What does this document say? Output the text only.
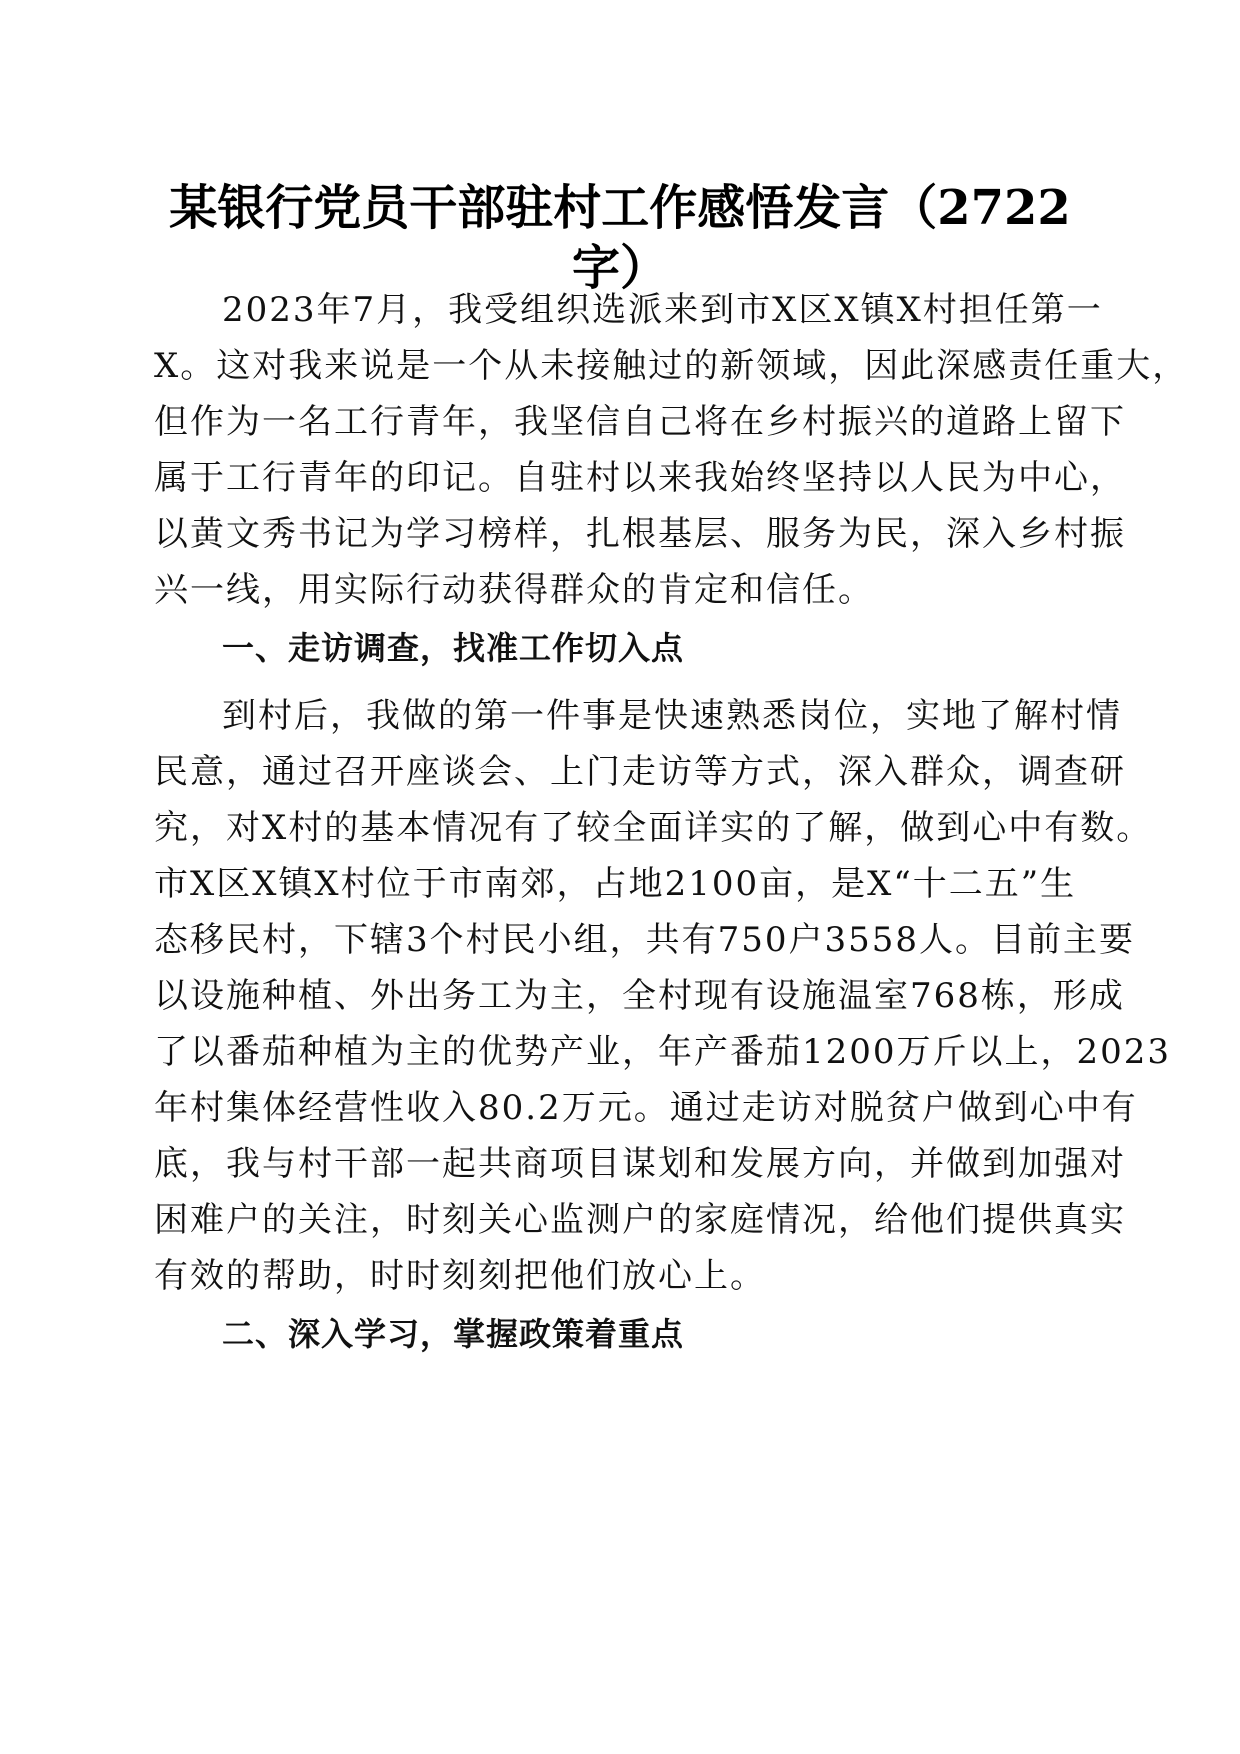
某银行党员干部驻村工作感悟发言（2722
字）
2023年7月，我受组织选派来到市X区X镇X村担任第一
X。这对我来说是一个从未接触过的新领域，因此深感责任重大，
但作为一名工行青年，我坚信自己将在乡村振兴的道路上留下
属于工行青年的印记。自驻村以来我始终坚持以人民为中心，
以黄文秀书记为学习榜样，扎根基层、服务为民，深入乡村振
兴一线，用实际行动获得群众的肯定和信任。
一、走访调查，找准工作切入点
到村后，我做的第一件事是快速熟悉岗位，实地了解村情
民意，通过召开座谈会、上门走访等方式，深入群众，调查研
究，对X村的基本情况有了较全面详实的了解，做到心中有数。
市X区X镇X村位于市南郊，占地2100亩，是X“十二五”生
态移民村，下辖3个村民小组，共有750户3558人。目前主要
以设施种植、外出务工为主，全村现有设施温室768栋，形成
了以番茄种植为主的优势产业，年产番茄1200万斤以上，2023
年村集体经营性收入80.2万元。通过走访对脱贫户做到心中有
底，我与村干部一起共商项目谋划和发展方向，并做到加强对
困难户的关注，时刻关心监测户的家庭情况，给他们提供真实
有效的帮助，时时刻刻把他们放心上。
二、深入学习，掌握政策着重点
